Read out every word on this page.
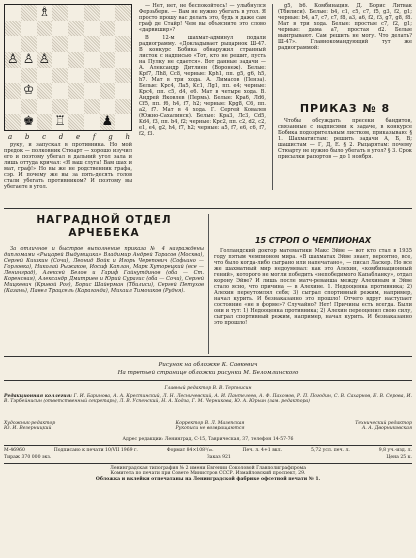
♗
♙ ♙ ♙
♔
♚ ♖	♟
a b c d e f g h

руку, и запускал в противника. Но мой предок — полковник Стюарт — хорошо изучил его и поэтому убегал в дальний угол зала и лишь оттуда кричал: «Я ваш слуга! Вам шах и мат, граф!» Но вы же не родственник графа, сэр. И почему же вы за пять-десять голов стали убегать противником? И поэтому вы убегаете в угол.

— Нет, нет, не беспокойтесь! — улыбнулся Ферзьберн. — Вам не нужно убегать в угол. Я просто прошу вас делать это, будь я даже сам граф де Стайр! Чем вы объясните это слово «дарвишир»?

В 12-м шахмат-админул подали радиограмму. «Докладывает рыцарнок Ш-47. В конкурс Бобика обнаружил странный листок с надписью «Тот, кто не решит, пусть на Пулку не сдается». Вот данные задачи — А. Александр Дитлиен (Воронеж). Белые: Kpf7, Лh8, Сc8, черные: Крh1, пп. g5, g6, h5, h7. Мат в три хода. А. Лимасов (Пенза). Белые: Kpc4, Лa5, Kc1, Лg1, пп. e4; черные: Kpc4, пп. c5, d4, e6. Мат в четыре хода. В. Андрей Яковлев (Пермь). Белые: Kpa6, Лd6, Cf5, пп. f6, h4, f7, h2; черные: Kpg8, C6, пп. a2, f7. Мат в 4 хода. Г. Сергей Ковалев (Южно-Сахалинск). Белые: Kpa3, Лc3, Cd5, Kd4, f3, пп. b4, f2; черные: Kpc2, пп. c2, d2, c2, e1, e4, g2, h4, f7, h2; черные: a5, f7, e6, c6, f7, f2, f3.

g5, b6. Комбинация. Д. Борис Литвак (Тбилиси). Белые: b4, c1, c5, c7, f5, g3, f2, g1; черные: b4, a7, c7, c7, f8, a3, a6, f2, f3, g7, g8, f8. Мат в три хода. Белые: простые с7, f2, g1; черные: дама а7, простая d2. Белые выигрывают. Сам решить не могу. Что делать? Ш-47». Главнокомандующий тут же радиограммой:

ПРИКАЗ № 8

Чтобы обсуждать пресеки бандитов, связанные с надписями к задаче, в конкурсе Бобика подозрительным листком, приказываю: § 1. Шахматистам: решить задачи А, Б, В; шашистам — Г, Д, Е. § 2. Рыцарятам: почему Стюарту не нужно было убегать в угол? § 3. Срок присылки рапортов — до 1 ноября.

НАГРАДНОЙ ОТДЕЛ АРЧЕБЕКА

За отличное и быстрое выполнение приказа № 4 награждены дипломами «Рыцарей Выдумщика» Владимир Андрей Тарасов (Москва), Сергей Кишкин (Сочи), Леонид Войк и Игорь Черепович (Софьино — Горловка), Николай Рыжаков, Иосиф Каплан, Марк Хуторецкий (все — Ленинград), Алексей Белов и Гариф Гайнутдинов (оба — Ст. Коренсвая), Александр Дмитриев и Юрий Сурагис (оба — Сочи), Сергей Мицкевич (Кривой Рог), Борис Шайерман (Тбилиси), Сергей Петухов (Казань), Павел Трацсель (Караганда), Михаил Тимошков (Рудня).

15 СТРОП О ЧЕМПИОНАХ

Голландский доктор математики Макс Эйве — вот кто стал в 1935 году пятым чемпионом мира. «В шахматах Эйве знает, вероятно, все, что было когда-либо сыграно или напечатано», — писал Ласкер. Но все же шахматный мир недоумевал: как это Алехин, «комбинационный гений», которого не могли победить «непобедимого Капабланку», отдал корону Эйве? И лишь после матч-реванша между Алехиным и Эйве стало ясно, что причина — в Алехине. 1. Недооценка противника; 2) Алехин переутомлял себя; 3) сыграл спортивный режим, например, начал курить. И безнаказанно это прошло! Отчего вдруг наступает состояние «не в форме»? Случайно? Нет! Причины есть всегда. Были они и тут: 1) Недооценка противника; 2) Алехин переоценил свою силу, сыграл спортивный режим, например, начал курить. И безнаказанно это прошло!

Рисунок на обложке К. Савкевич
На третьей странице обложки рисунки М. Беломлинского
Главный редактор В. В. Терпнисин
Редакционная коллегия: Г. И. Баринова, А. А. Крестинский, Л. Н. Лесничевский, А. И. Пантелеев, А. Ф. Пахомов, Р. П. Погодин, С. В. Сахарнов, Е. В. Серова, И. В. Тэрбейнисин (ответственный секретарь), Л. В. Успенский, Н. А. Ходза, Г. М. Черникова, Ю. А. Юрьин (зам. редактора)
Художник-редактор
Ю. И. Везерницкий
Корректор В. Л. Мазепская
Рукописи не возвращаются
Технический редактор
А. А. Дворниковская
Адрес редакции: Ленинград, С-15, Таврическая, 37, телефон 14-57-76
М-46960	Подписано к печати 10/VII 1969 г.	Формат 84×108¹/₁₆.	Печ. л. 4+1 вкл.	5,72 усл. печ. л.	9,8 уч.-изд. л.
Тираж 370 000 экз.	Заказ 921	Цена 25 к.
Ленинградская типография № 2 имени Евгении Соколовой Главполиграфпрома
Комитета по печати при Совете Министров СССР. Измайловский проспект, 29.
Обложка и вклейки отпечатаны на Ленинградской фабрике офсетной печати № 1.
